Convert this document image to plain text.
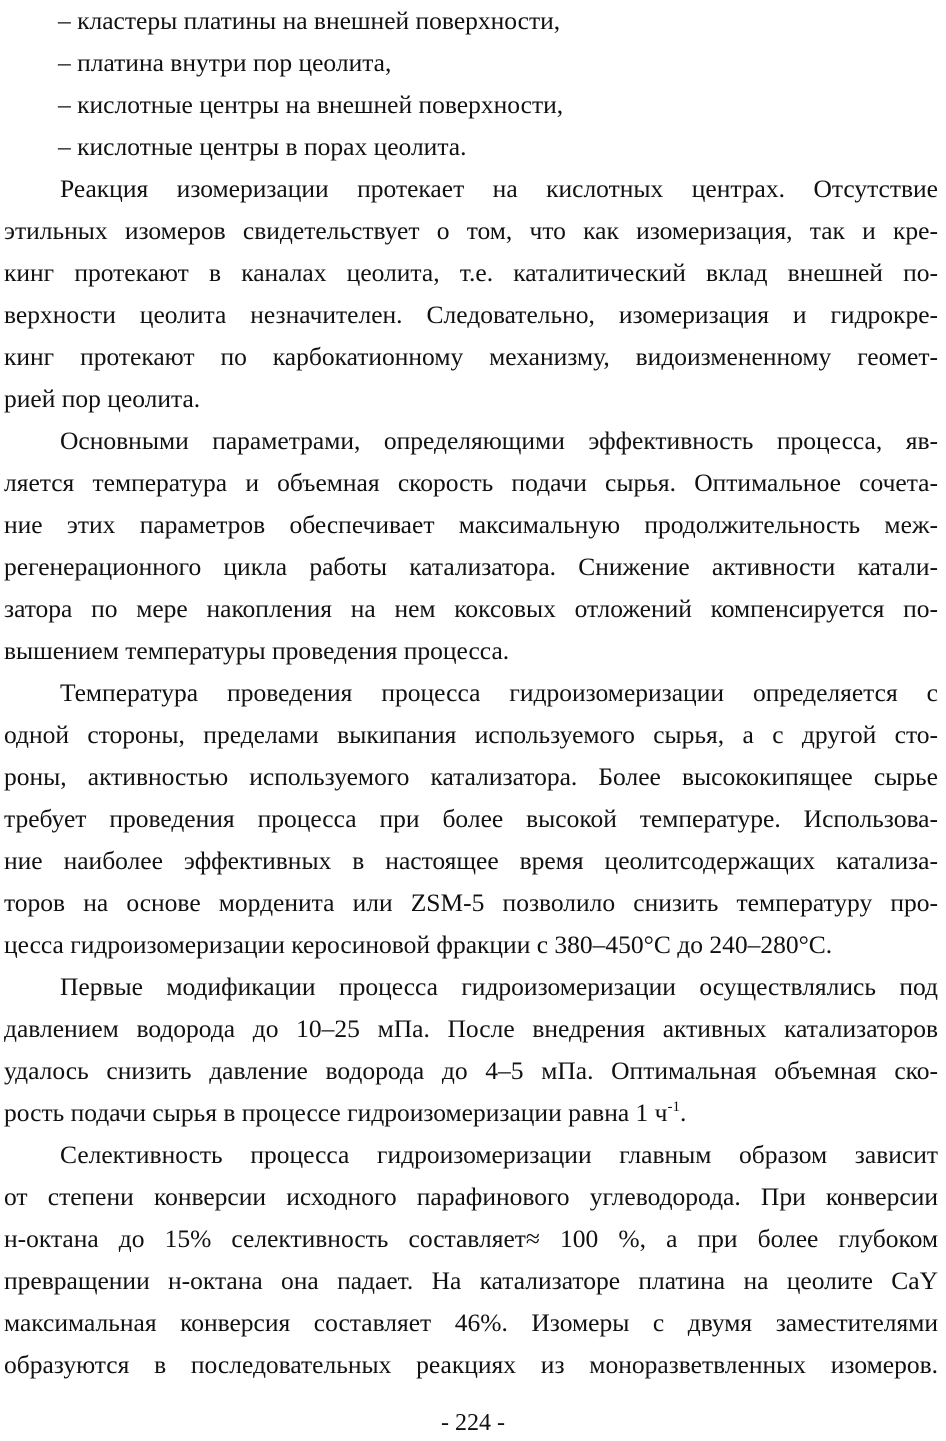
– кластеры платины на внешней поверхности,
– платина внутри пор цеолита,
– кислотные центры на внешней поверхности,
– кислотные центры в порах цеолита.
Реакция изомеризации протекает на кислотных центрах. Отсутствие
этильных изомеров свидетельствует о том, что как изомеризация, так и кре-
кинг протекают в каналах цеолита, т.е. каталитический вклад внешней по-
верхности цеолита незначителен. Следовательно, изомеризация и гидрокре-
кинг протекают по карбокатионному механизму, видоизмененному геомет-
рией пор цеолита.
Основными параметрами, определяющими эффективность процесса, яв-
ляется температура и объемная скорость подачи сырья. Оптимальное сочета-
ние этих параметров обеспечивает максимальную продолжительность меж-
регенерационного цикла работы катализатора. Снижение активности катали-
затора по мере накопления на нем коксовых отложений компенсируется по-
вышением температуры проведения процесса.
Температура проведения процесса гидроизомеризации определяется с
одной стороны, пределами выкипания используемого сырья, а с другой сто-
роны, активностью используемого катализатора. Более высококипящее сырье
требует проведения процесса при более высокой температуре. Использова-
ние наиболее эффективных в настоящее время цеолитсодержащих катализа-
торов на основе морденита или ZSM-5 позволило снизить температуру про-
цесса гидроизомеризации керосиновой фракции с 380–450°С до 240–280°С.
Первые модификации процесса гидроизомеризации осуществлялись под
давлением водорода до 10–25 мПа. После внедрения активных катализаторов
удалось снизить давление водорода до 4–5 мПа. Оптимальная объемная ско-
рость подачи сырья в процессе гидроизомеризации равна 1 $ч^{-1}$.
Селективность процесса гидроизомеризации главным образом зависит
от степени конверсии исходного парафинового углеводорода. При конверсии
н-октана до 15% селективность составляет≈ 100 %, а при более глубоком
превращении н-октана она падает. На катализаторе платина на цеолите CaY
максимальная конверсия составляет 46%. Изомеры с двумя заместителями
образуются в последовательных реакциях из моноразветвленных изомеров.
- 224 -
